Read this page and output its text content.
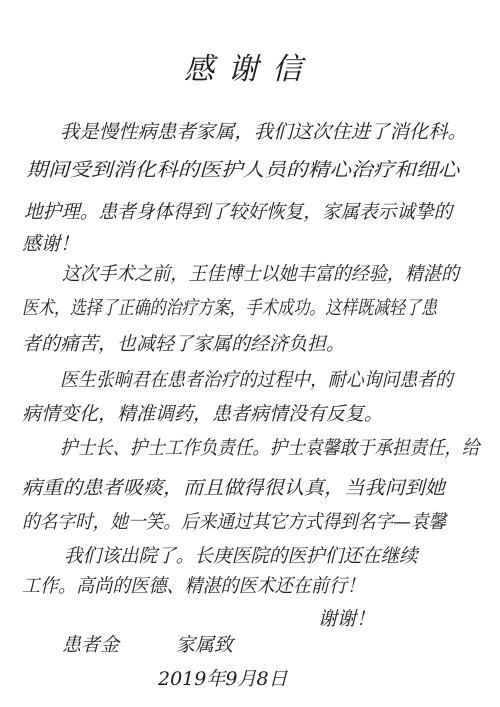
感谢信
我是慢性病患者家属，我们这次住进了消化科。
期间受到消化科的医护人员的精心治疗和细心
地护理。患者身体得到了较好恢复，家属表示诚挚的
感谢！
这次手术之前，王佳博士以她丰富的经验，精湛的
医术，选择了正确的治疗方案，手术成功。这样既减轻了患
者的痛苦，也减轻了家属的经济负担。
医生张晌君在患者治疗的过程中，耐心询问患者的
病情变化，精准调药，患者病情没有反复。
护士长、护士工作负责任。护士袁馨敢于承担责任，给
病重的患者吸痰，而且做得很认真，当我问到她
的名字时，她一笑。后来通过其它方式得到名字—袁馨
我们该出院了。长庚医院的医护们还在继续
工作。高尚的医德、精湛的医术还在前行！
谢谢！
患者金	家属致
2019年9月8日
